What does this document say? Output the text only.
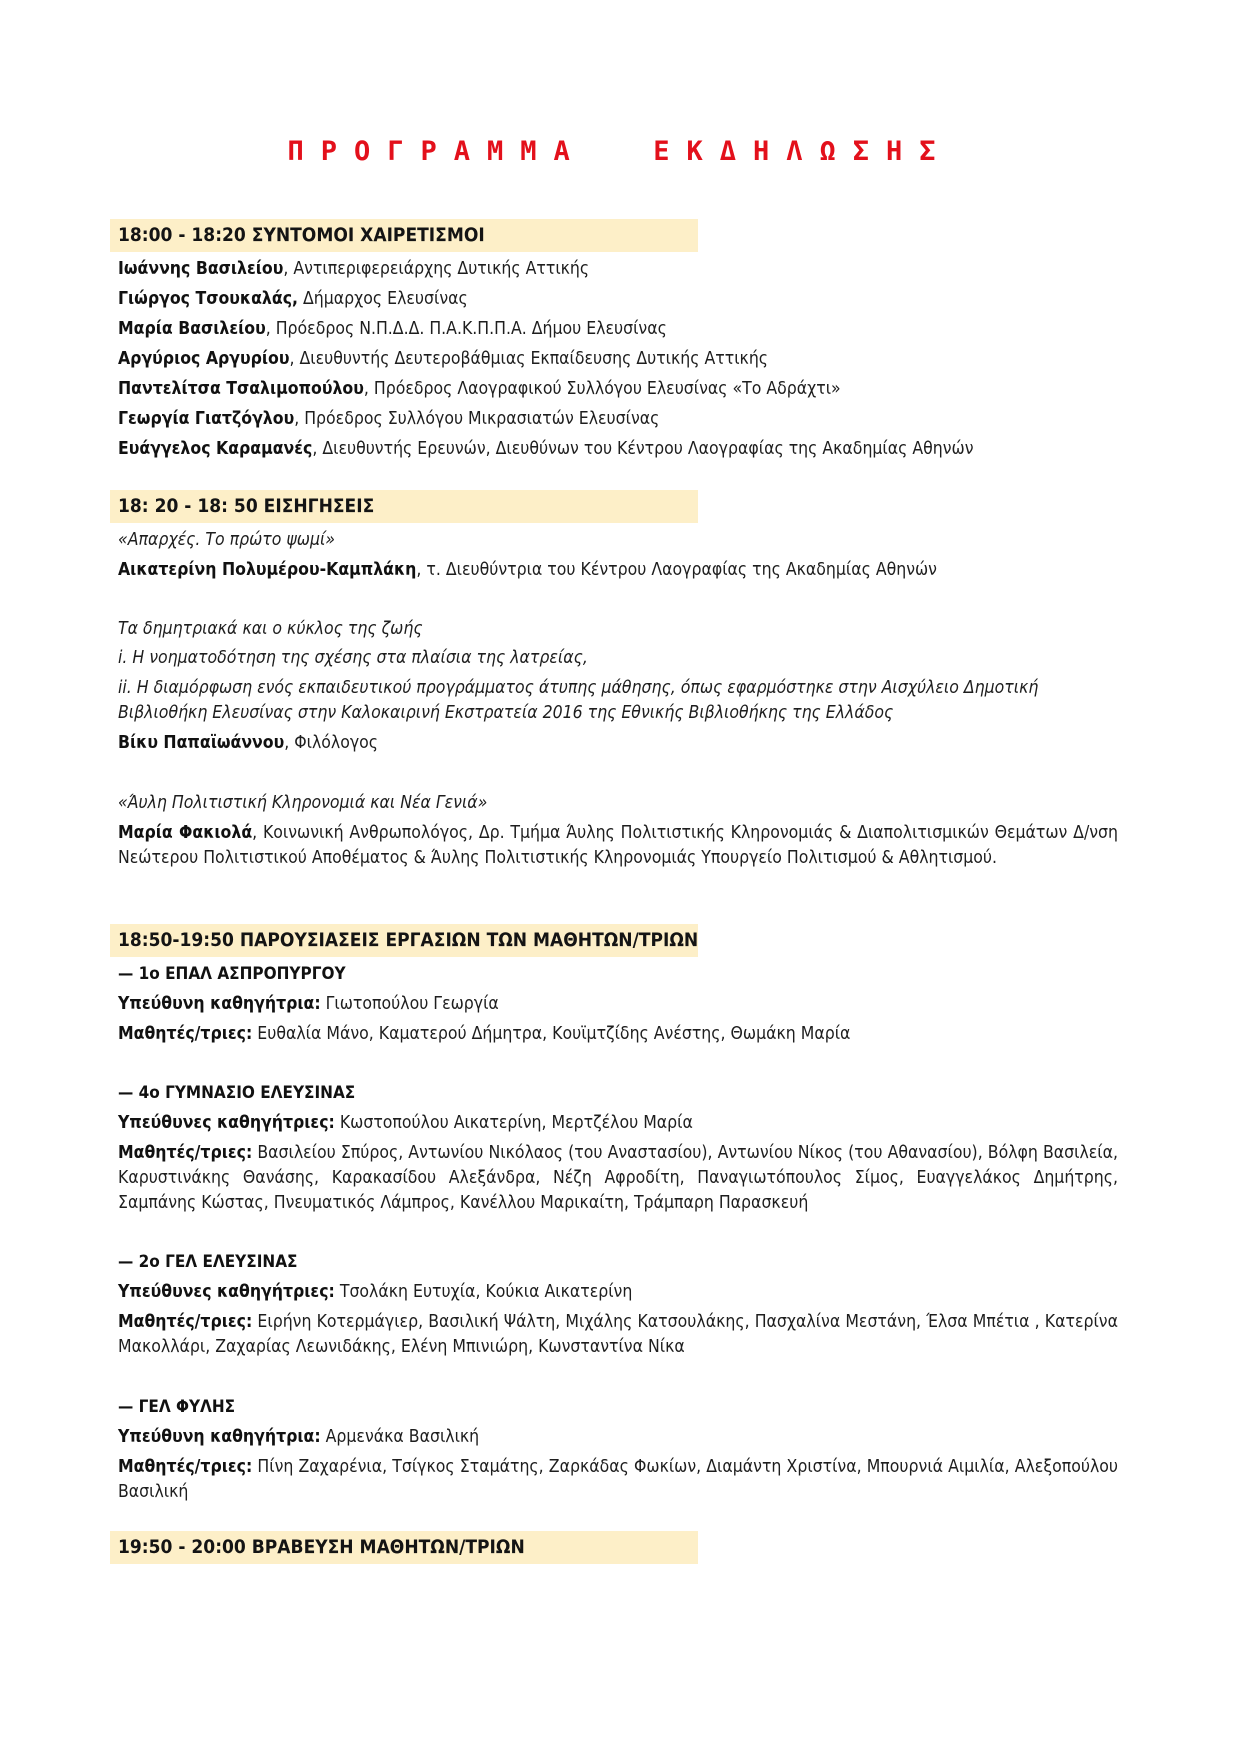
ΠΡΟΓΡΑΜΜΑ  ΕΚΔΗΛΩΣΗΣ
18:00 - 18:20 ΣΥΝΤΟΜΟΙ ΧΑΙΡΕΤΙΣΜΟΙ
Ιωάννης Βασιλείου, Αντιπεριφερειάρχης Δυτικής Αττικής
Γιώργος Τσουκαλάς, Δήμαρχος Ελευσίνας
Μαρία Βασιλείου, Πρόεδρος Ν.Π.Δ.Δ. Π.Α.Κ.Π.Π.Α. Δήμου Ελευσίνας
Αργύριος Αργυρίου, Διευθυντής Δευτεροβάθμιας Εκπαίδευσης Δυτικής Αττικής
Παντελίτσα Τσαλιμοπούλου, Πρόεδρος Λαογραφικού Συλλόγου Ελευσίνας «Το Αδράχτι»
Γεωργία Γιατζόγλου, Πρόεδρος Συλλόγου Μικρασιατών Ελευσίνας
Ευάγγελος Καραμανές, Διευθυντής Ερευνών, Διευθύνων του Κέντρου Λαογραφίας της Ακαδημίας Αθηνών
18: 20 - 18: 50 ΕΙΣΗΓΗΣΕΙΣ
«Απαρχές. Το πρώτο ψωμί»
Αικατερίνη Πολυμέρου-Καμπλάκη, τ. Διευθύντρια του Κέντρου Λαογραφίας της Ακαδημίας Αθηνών
Τα δημητριακά και ο κύκλος της ζωής
i. Η νοηματοδότηση της σχέσης στα πλαίσια της λατρείας,
ii. Η διαμόρφωση ενός εκπαιδευτικού προγράμματος άτυπης μάθησης, όπως εφαρμόστηκε στην Αισχύλειο Δημοτική
Βιβλιοθήκη Ελευσίνας στην Καλοκαιρινή Εκστρατεία 2016 της Εθνικής Βιβλιοθήκης της Ελλάδος
Βίκυ Παπαϊωάννου, Φιλόλογος
«Άυλη Πολιτιστική Κληρονομιά και Νέα Γενιά»
Μαρία Φακιολά, Κοινωνική Ανθρωπολόγος, Δρ. Τμήμα Άυλης Πολιτιστικής Κληρονομιάς & Διαπολιτισμικών Θεμάτων Δ/νση Νεώτερου Πολιτιστικού Αποθέματος & Άυλης Πολιτιστικής Κληρονομιάς Υπουργείο Πολιτισμού & Αθλητισμού.
18:50-19:50 ΠΑΡΟΥΣΙΑΣΕΙΣ ΕΡΓΑΣΙΩΝ ΤΩΝ ΜΑΘΗΤΩΝ/ΤΡΙΩΝ
— 1ο ΕΠΑΛ ΑΣΠΡΟΠΥΡΓΟΥ
Υπεύθυνη καθηγήτρια: Γιωτοπούλου Γεωργία
Μαθητές/τριες: Ευθαλία Μάνο, Καματερού Δήμητρα, Κουϊμτζίδης Ανέστης, Θωμάκη Μαρία
— 4ο ΓΥΜΝΑΣΙΟ ΕΛΕΥΣΙΝΑΣ
Υπεύθυνες καθηγήτριες: Κωστοπούλου Αικατερίνη, Μερτζέλου Μαρία
Μαθητές/τριες: Βασιλείου Σπύρος, Αντωνίου Νικόλαος (του Αναστασίου), Αντωνίου Νίκος (του Αθανασίου), Βόλφη Βασιλεία, Καρυστινάκης Θανάσης, Καρακασίδου Αλεξάνδρα, Νέζη Αφροδίτη, Παναγιωτόπουλος Σίμος, Ευαγγελάκος Δημήτρης, Σαμπάνης Κώστας, Πνευματικός Λάμπρος, Κανέλλου Μαρικαίτη, Τράμπαρη Παρασκευή
— 2ο ΓΕΛ ΕΛΕΥΣΙΝΑΣ
Υπεύθυνες καθηγήτριες: Τσολάκη Ευτυχία, Κούκια Αικατερίνη
Μαθητές/τριες: Ειρήνη Κοτερμάγιερ, Βασιλική Ψάλτη, Μιχάλης Κατσουλάκης, Πασχαλίνα Μεστάνη, Έλσα Μπέτια , Κατερίνα Μακολλάρι, Ζαχαρίας Λεωνιδάκης, Ελένη Μπινιώρη, Κωνσταντίνα Νίκα
— ΓΕΛ ΦΥΛΗΣ
Υπεύθυνη καθηγήτρια: Αρμενάκα Βασιλική
Μαθητές/τριες: Πίνη Ζαχαρένια, Τσίγκος Σταμάτης, Ζαρκάδας Φωκίων, Διαμάντη Χριστίνα, Μπουρνιά Αιμιλία, Αλεξοπούλου Βασιλική
19:50 - 20:00 ΒΡΑΒΕΥΣΗ ΜΑΘΗΤΩΝ/ΤΡΙΩΝ
